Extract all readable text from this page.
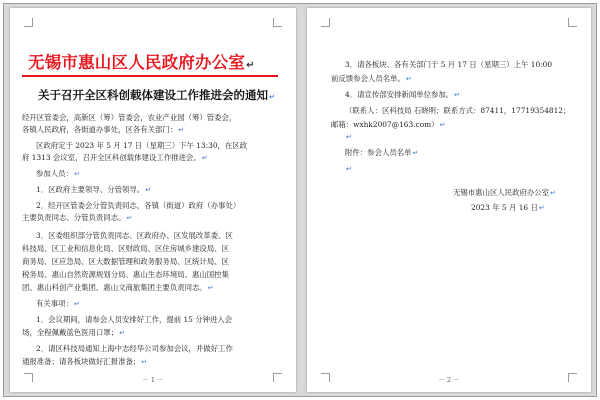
无锡市惠山区人民政府办公室↵
关于召开全区科创载体建设工作推进会的通知↵
经开区管委会，高新区（筹）管委会，农业产业园（筹）管委会，
各镇人民政府，各街道办事处，区各有关部门：↵
区政府定于 2023 年 5 月 17 日（星期三）下午 13:30，在区政
府 1313 会议室，召开全区科创载体建设工作推进会。↵
参加人员：↵
1．区政府主要领导、分管领导。↵
2．经开区管委会分管负责同志，各镇（街道）政府（办事处）
主要负责同志、分管负责同志。↵
3．区委组织部分管负责同志、区政府办、区发展改革委、区
科技局、区工业和信息化局、区财政局、区住房城乡建设局、区
商务局、区应急局、区大数据管理和政务服务局、区统计局、区
税务局、惠山自然资源规划分局、惠山生态环境局、惠山国控集
团、惠山科创产业集团、惠山文商旅集团主要负责同志。↵
有关事项：↵
1．会议期间，请参会人员安排好工作，提前 15 分钟进入会
场，全程佩戴蓝色医用口罩；↵
2．请区科技局通知上海中志经华公司参加会议，并做好工作
通报准备；请各板块做好汇报准备；↵
－ 1 －
3．请各板块、各有关部门于 5 月 17 日（星期三）上午 10:00
前反馈参会人员名单。↵
4．请宣传部安排新闻单位参加。↵
（联系人：区科技局 石晓明；联系方式：87411，17719354812；
邮箱：wxhk2007@163.com）↵
↵
附件：参会人员名单↵
↵
无锡市惠山区人民政府办公室↵
2023 年 5 月 16 日↵
－ 2 －
